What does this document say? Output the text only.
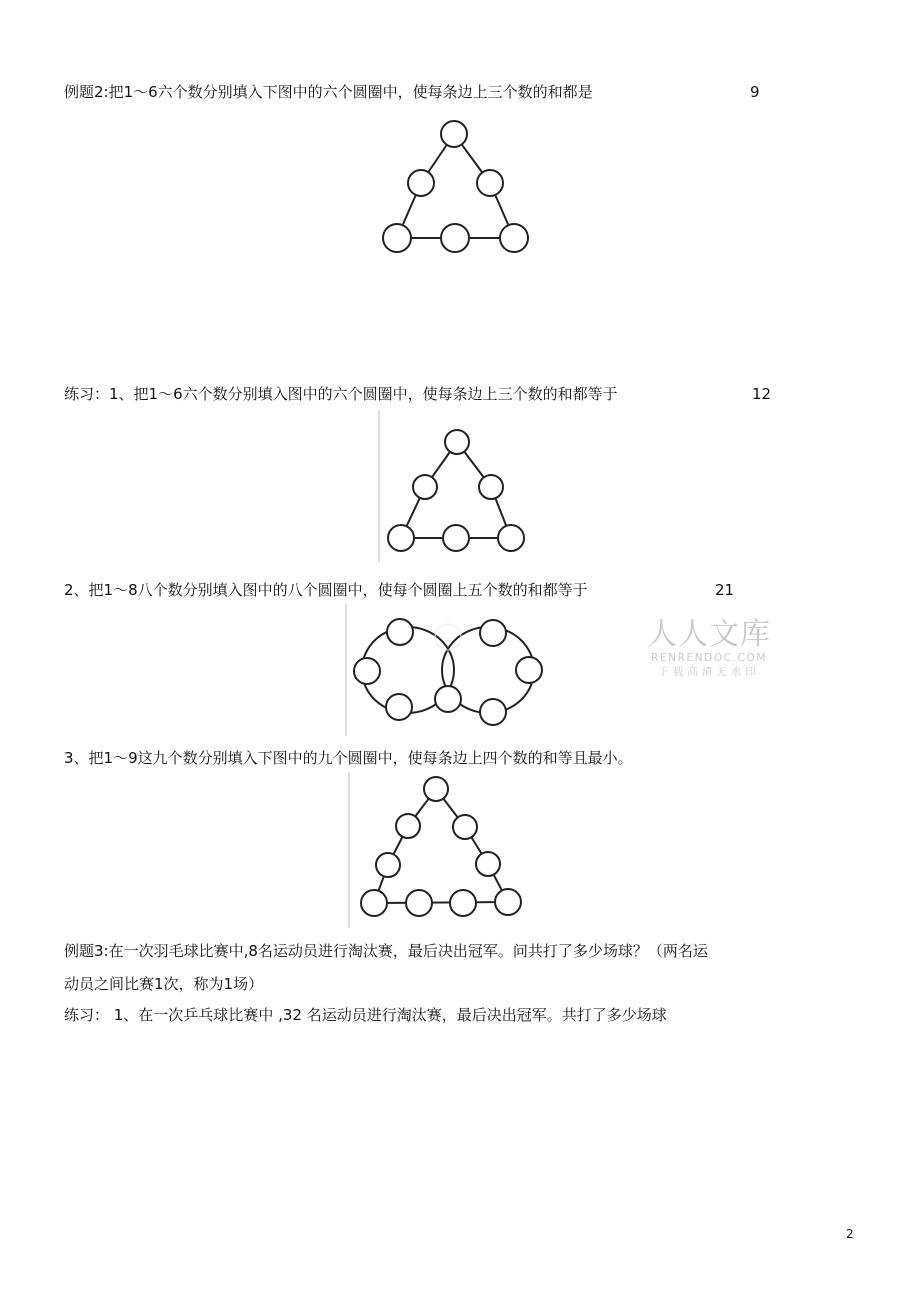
例题2:把1～6六个数分别填入下图中的六个圆圈中，使每条边上三个数的和都是	9
练习：1、把1～6六个数分别填入图中的六个圆圈中，使每条边上三个数的和都等于	12
2、把1～8八个数分别填入图中的八个圆圈中，使每个圆圈上五个数的和都等于	21
人人文库
RENRENDOC.COM
下载高清无水印
3、把1～9这九个数分别填入下图中的九个圆圈中，使每条边上四个数的和等且最小。
例题3:在一次羽毛球比赛中,8名运动员进行淘汰赛，最后决出冠军。问共打了多少场球？（两名运
动员之间比赛1次，称为1场）
练习： 1、在一次乒乓球比赛中 ,32 名运动员进行淘汰赛，最后决出冠军。共打了多少场球
2
